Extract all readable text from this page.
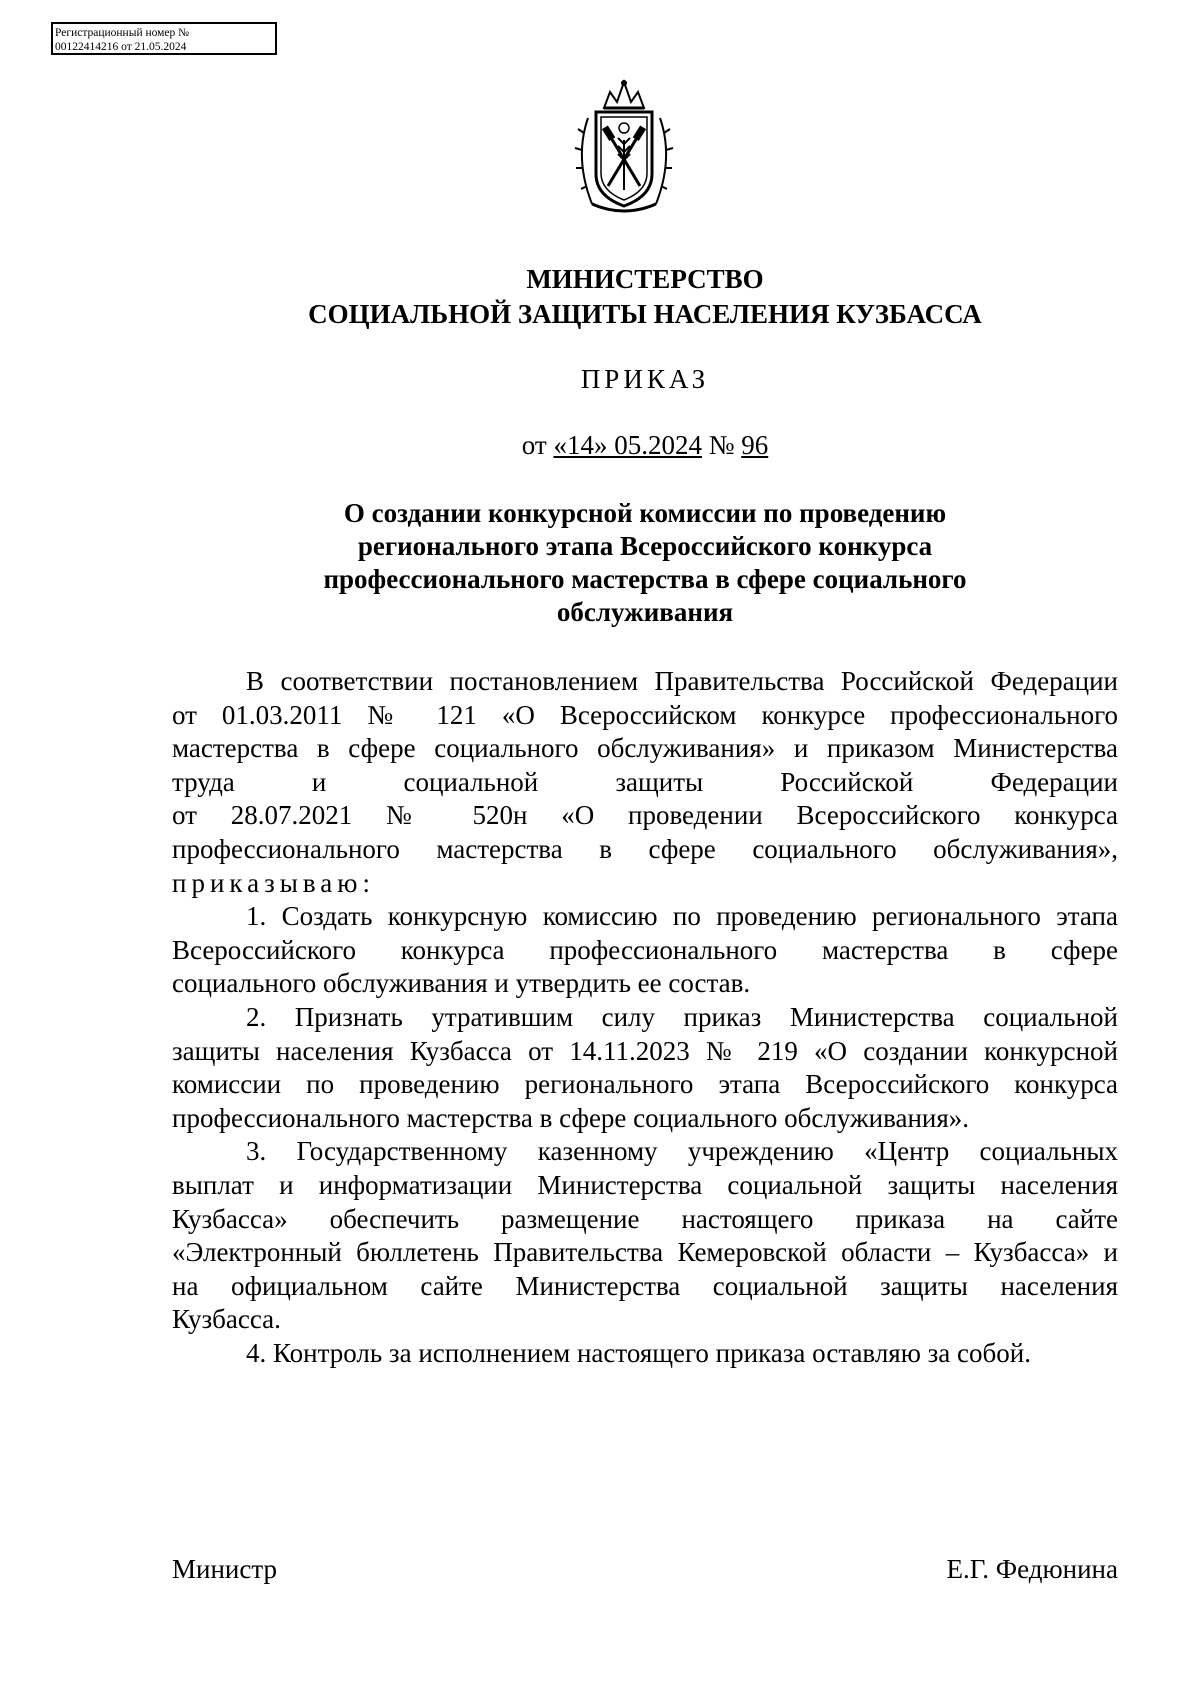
Регистрационный номер №
00122414216 от 21.05.2024
МИНИСТЕРСТВО
СОЦИАЛЬНОЙ ЗАЩИТЫ НАСЕЛЕНИЯ КУЗБАССА
ПРИКАЗ
от «14» 05.2024 № 96
О создании конкурсной комиссии по проведению
регионального этапа Всероссийского конкурса
профессионального мастерства в сфере социального
обслуживания

В соответствии постановлением Правительства Российской Федерации

от 01.03.2011 № 121 «О Всероссийском конкурсе профессионального

мастерства в сфере социального обслуживания» и приказом Министерства

труда и социальной защиты Российской Федерации

от 28.07.2021 № 520н «О проведении Всероссийского конкурса

профессионального мастерства в сфере социального обслуживания»,

приказываю:

1. Создать конкурсную комиссию по проведению регионального этапа

Всероссийского конкурса профессионального мастерства в сфере

социального обслуживания и утвердить ее состав.

2. Признать утратившим силу приказ Министерства социальной

защиты населения Кузбасса от 14.11.2023 № 219 «О создании конкурсной

комиссии по проведению регионального этапа Всероссийского конкурса

профессионального мастерства в сфере социального обслуживания».

3. Государственному казенному учреждению «Центр социальных

выплат и информатизации Министерства социальной защиты населения

Кузбасса» обеспечить размещение настоящего приказа на сайте

«Электронный бюллетень Правительства Кемеровской области – Кузбасса» и

на официальном сайте Министерства социальной защиты населения

Кузбасса.

4. Контроль за исполнением настоящего приказа оставляю за собой.

Министр	Е.Г. Федюнина
